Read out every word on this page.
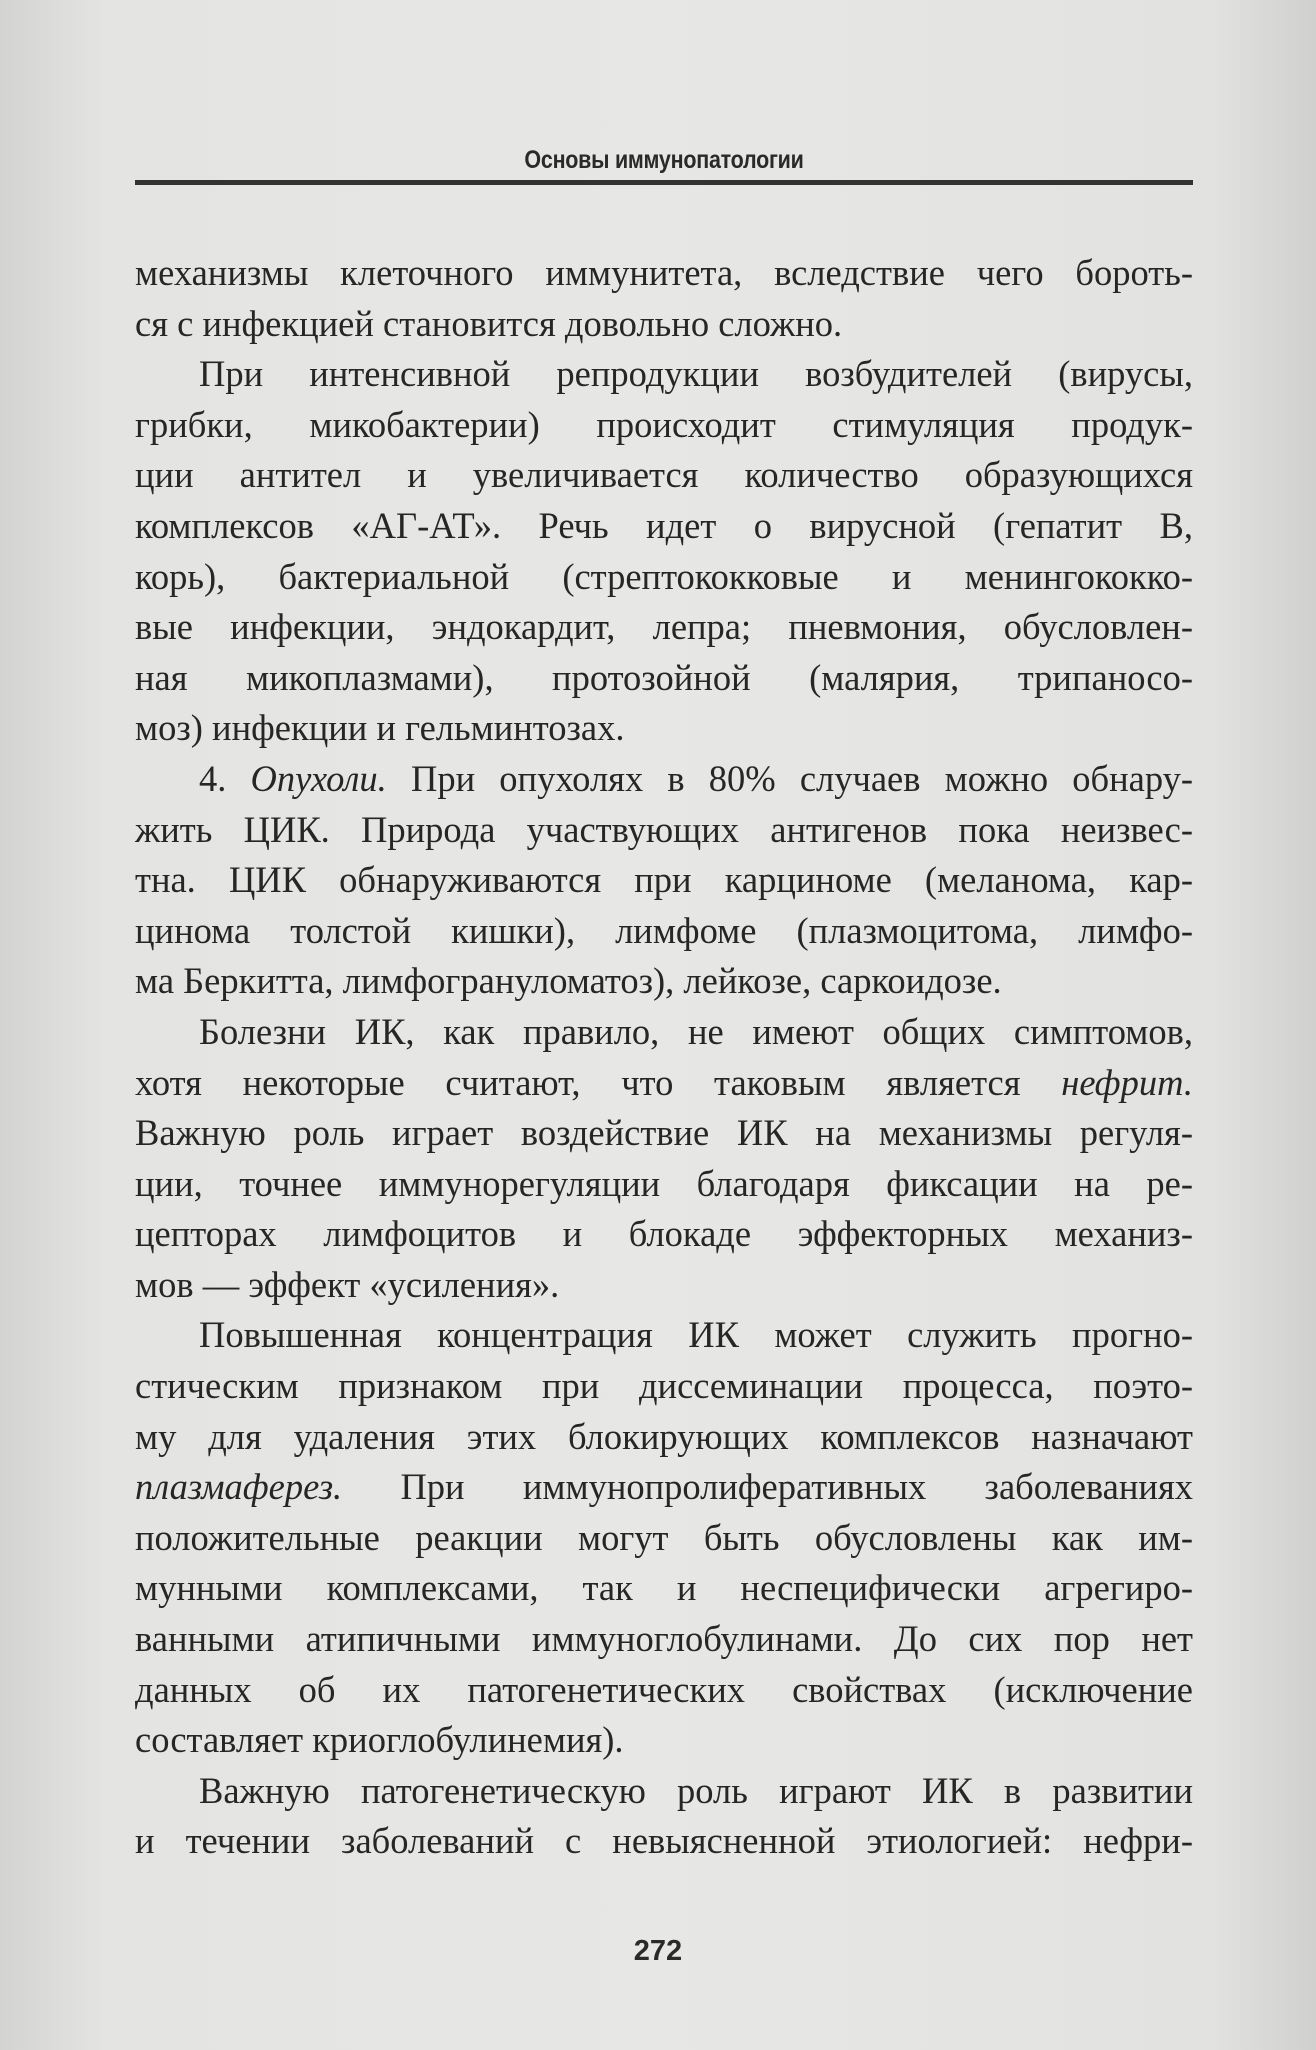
Основы иммунопатологии
механизмы клеточного иммунитета, вследствие чего бороть-
ся с инфекцией становится довольно сложно.
При интенсивной репродукции возбудителей (вирусы,
грибки, микобактерии) происходит стимуляция продук-
ции антител и увеличивается количество образующихся
комплексов «АГ-АТ». Речь идет о вирусной (гепатит В,
корь), бактериальной (стрептококковые и менингококко-
вые инфекции, эндокардит, лепра; пневмония, обусловлен-
ная микоплазмами), протозойной (малярия, трипаносо-
моз) инфекции и гельминтозах.
4. Опухоли. При опухолях в 80% случаев можно обнару-
жить ЦИК. Природа участвующих антигенов пока неизвес-
тна. ЦИК обнаруживаются при карциноме (меланома, кар-
цинома толстой кишки), лимфоме (плазмоцитома, лимфо-
ма Беркитта, лимфогрануломатоз), лейкозе, саркоидозе.
Болезни ИК, как правило, не имеют общих симптомов,
хотя некоторые считают, что таковым является нефрит.
Важную роль играет воздействие ИК на механизмы регуля-
ции, точнее иммунорегуляции благодаря фиксации на ре-
цепторах лимфоцитов и блокаде эффекторных механиз-
мов — эффект «усиления».
Повышенная концентрация ИК может служить прогно-
стическим признаком при диссеминации процесса, поэто-
му для удаления этих блокирующих комплексов назначают
плазмаферез. При иммунопролиферативных заболеваниях
положительные реакции могут быть обусловлены как им-
мунными комплексами, так и неспецифически агрегиро-
ванными атипичными иммуноглобулинами. До сих пор нет
данных об их патогенетических свойствах (исключение
составляет криоглобулинемия).
Важную патогенетическую роль играют ИК в развитии
и течении заболеваний с невыясненной этиологией: нефри-
272
